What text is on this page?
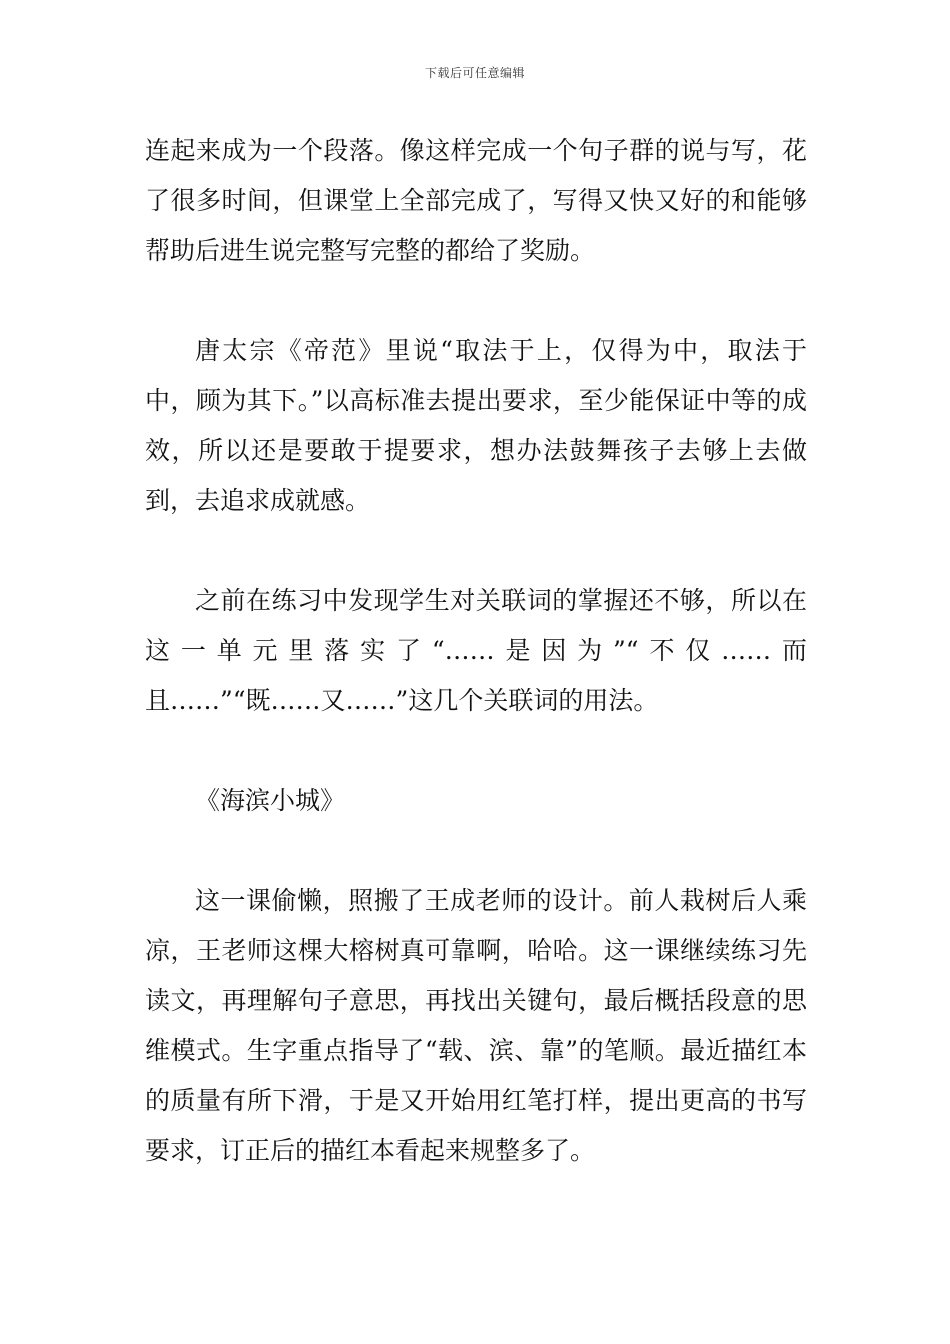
下载后可任意编辑

连起来成为一个段落。像这样完成一个句子群的说与写，花了很多时间，但课堂上全部完成了，写得又快又好的和能够帮助后进生说完整写完整的都给了奖励。

唐太宗《帝范》里说“取法于上，仅得为中，取法于中，顾为其下。”以高标准去提出要求，至少能保证中等的成效，所以还是要敢于提要求，想办法鼓舞孩子去够上去做到，去追求成就感。

之前在练习中发现学生对关联词的掌握还不够，所以在这一单元里落实了“……是因为”“不仅……而且……”“既……又……”这几个关联词的用法。

《海滨小城》

这一课偷懒，照搬了王成老师的设计。前人栽树后人乘凉，王老师这棵大榕树真可靠啊，哈哈。这一课继续练习先读文，再理解句子意思，再找出关键句，最后概括段意的思维模式。生字重点指导了“载、滨、靠”的笔顺。最近描红本的质量有所下滑，于是又开始用红笔打样，提出更高的书写要求，订正后的描红本看起来规整多了。
